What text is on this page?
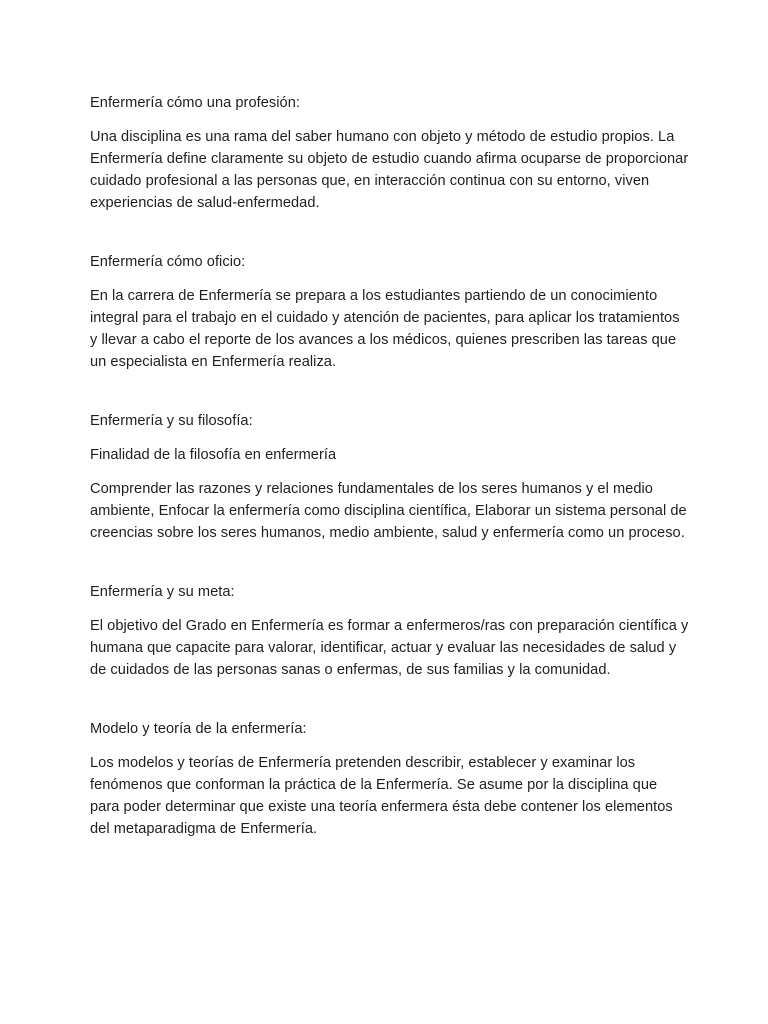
Enfermería cómo una profesión:

Una disciplina es una rama del saber humano con objeto y método de estudio propios. La Enfermería define claramente su objeto de estudio cuando afirma ocuparse de proporcionar cuidado profesional a las personas que, en interacción continua con su entorno, viven experiencias de salud-enfermedad.

Enfermería cómo oficio:

En la carrera de Enfermería se prepara a los estudiantes partiendo de un conocimiento integral para el trabajo en el cuidado y atención de pacientes, para aplicar los tratamientos y llevar a cabo el reporte de los avances a los médicos, quienes prescriben las tareas que un especialista en Enfermería realiza.

Enfermería y su filosofía:

Finalidad de la filosofía en enfermería

Comprender las razones y relaciones fundamentales de los seres humanos y el medio ambiente, Enfocar la enfermería como disciplina científica, Elaborar un sistema personal de creencias sobre los seres humanos, medio ambiente, salud y enfermería como un proceso.

Enfermería y su meta:

El objetivo del Grado en Enfermería es formar a enfermeros/ras con preparación científica y humana que capacite para valorar, identificar, actuar y evaluar las necesidades de salud y de cuidados de las personas sanas o enfermas, de sus familias y la comunidad.

Modelo y teoría de la enfermería:

Los modelos y teorías de Enfermería pretenden describir, establecer y examinar los fenómenos que conforman la práctica de la Enfermería. Se asume por la disciplina que para poder determinar que existe una teoría enfermera ésta debe contener los elementos del metaparadigma de Enfermería.
